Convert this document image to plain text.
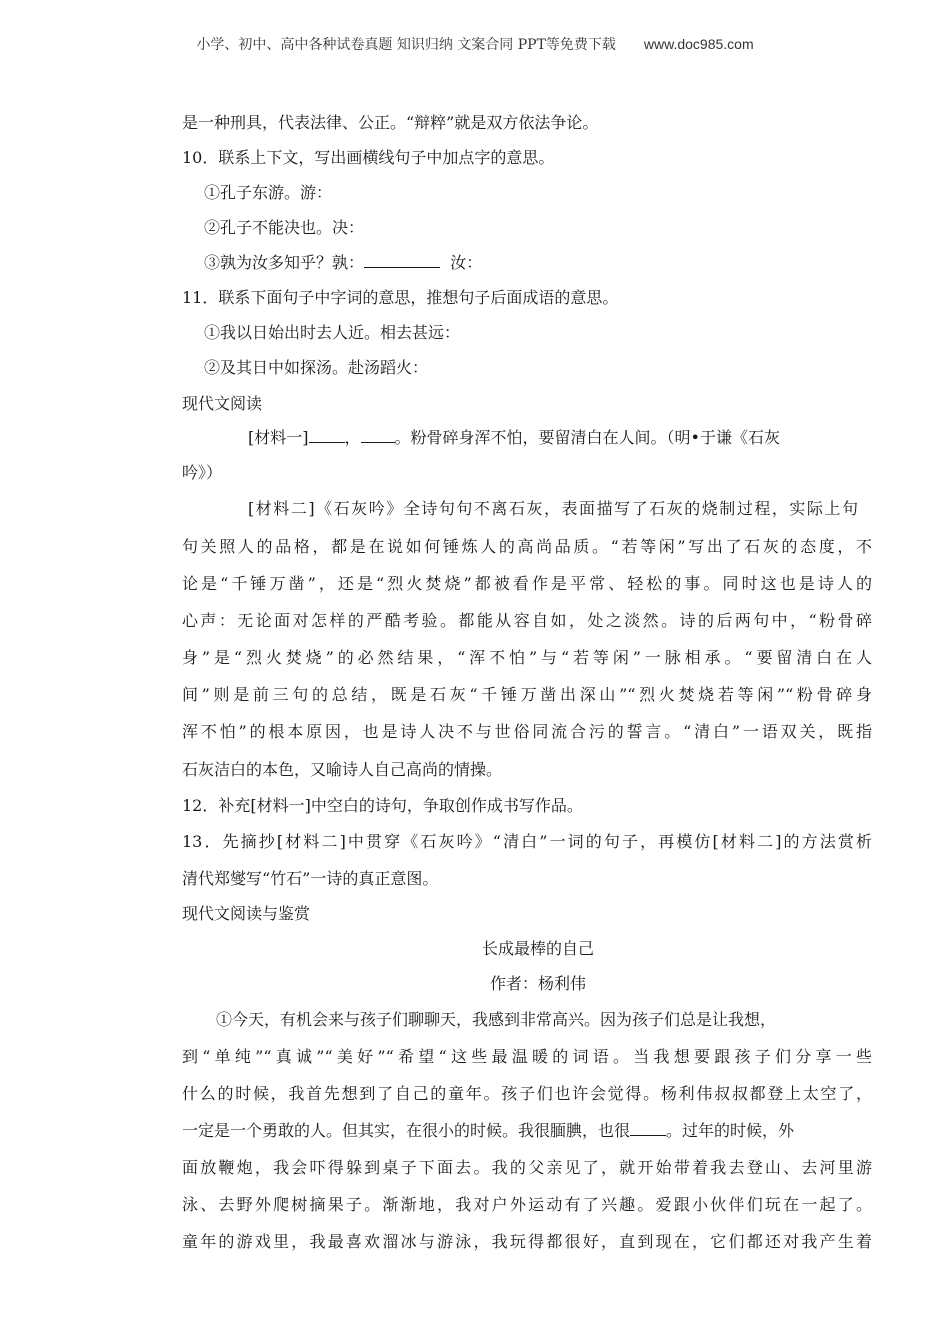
小学、初中、高中各种试卷真题 知识归纳 文案合同 PPT等免费下载 www.doc985.com
是一种刑具，代表法律、公正。“辩粹”就是双方依法争论。
10．联系上下文，写出画横线句子中加点字的意思。
①孔子东游。游：
②孔子不能决也。决：
③孰为汝多知乎？孰：	汝：
11．联系下面句子中字词的意思，推想句子后面成语的意思。
①我以日始出时去人近。相去甚远：
②及其日中如探汤。赴汤蹈火：
现代文阅读
[材料一] ， 。粉骨碎身浑不怕，要留清白在人间。（明•于谦《石灰
吟》）
[材料二]《石灰吟》全诗句句不离石灰，表面描写了石灰的烧制过程，实际上句
句关照人的品格，都是在说如何锤炼人的高尚品质。“若等闲”写出了石灰的态度，不
论是“千锤万凿”，还是“烈火焚烧”都被看作是平常、轻松的事。同时这也是诗人的
心声：无论面对怎样的严酷考验。都能从容自如，处之淡然。诗的后两句中，“粉骨碎
身”是“烈火焚烧”的必然结果，“浑不怕”与“若等闲”一脉相承。“要留清白在人
间”则是前三句的总结，既是石灰“千锤万凿出深山”“烈火焚烧若等闲”“粉骨碎身
浑不怕”的根本原因，也是诗人决不与世俗同流合污的誓言。“清白”一语双关，既指
石灰洁白的本色，又喻诗人自己高尚的情操。
12．补充[材料一]中空白的诗句，争取创作成书写作品。
13．先摘抄[材料二]中贯穿《石灰吟》“清白”一词的句子，再模仿[材料二]的方法赏析
清代郑燮写“竹石”一诗的真正意图。
现代文阅读与鉴赏
长成最棒的自己
作者：杨利伟
①今天，有机会来与孩子们聊聊天，我感到非常高兴。因为孩子们总是让我想，
到“单纯”“真诚”“美好”“希望“这些最温暖的词语。当我想要跟孩子们分享一些
什么的时候，我首先想到了自己的童年。孩子们也许会觉得。杨利伟叔叔都登上太空了，
一定是一个勇敢的人。但其实，在很小的时候。我很腼腆，也很 。过年的时候，外
面放鞭炮，我会吓得躲到桌子下面去。我的父亲见了，就开始带着我去登山、去河里游
泳、去野外爬树摘果子。渐渐地，我对户外运动有了兴趣。爱跟小伙伴们玩在一起了。
童年的游戏里，我最喜欢溜冰与游泳，我玩得都很好，直到现在，它们都还对我产生着
